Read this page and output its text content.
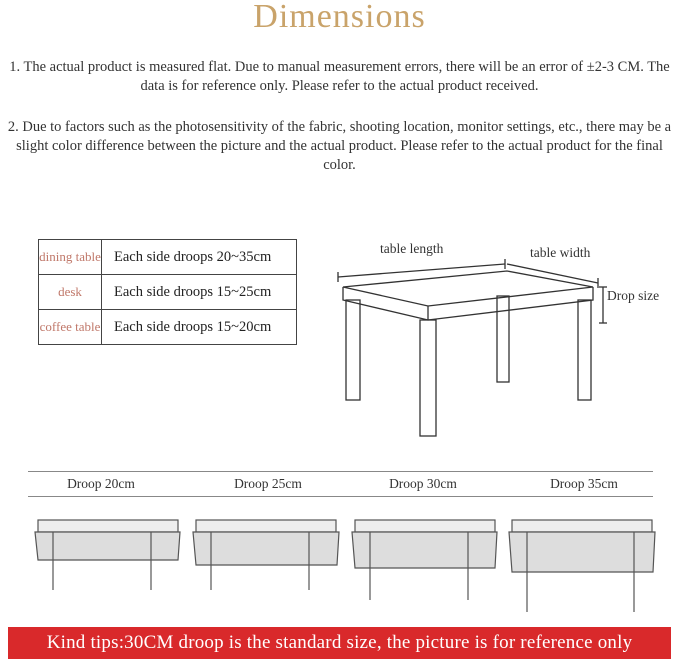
Dimensions
1. The actual product is measured flat. Due to manual measurement errors, there will be an error of ±2-3 CM. The data is for reference only. Please refer to the actual product received.
2. Due to factors such as the photosensitivity of the fabric, shooting location, monitor settings, etc., there may be a slight color difference between the picture and the actual product. Please refer to the actual product for the final color.
dining table	Each side droops 20~35cm
desk	Each side droops 15~25cm
coffee table	Each side droops 15~20cm
table length	table width
Drop size
Droop 20cm	Droop 25cm	Droop 30cm	Droop 35cm
Kind tips:30CM droop is the standard size, the picture is for reference only
